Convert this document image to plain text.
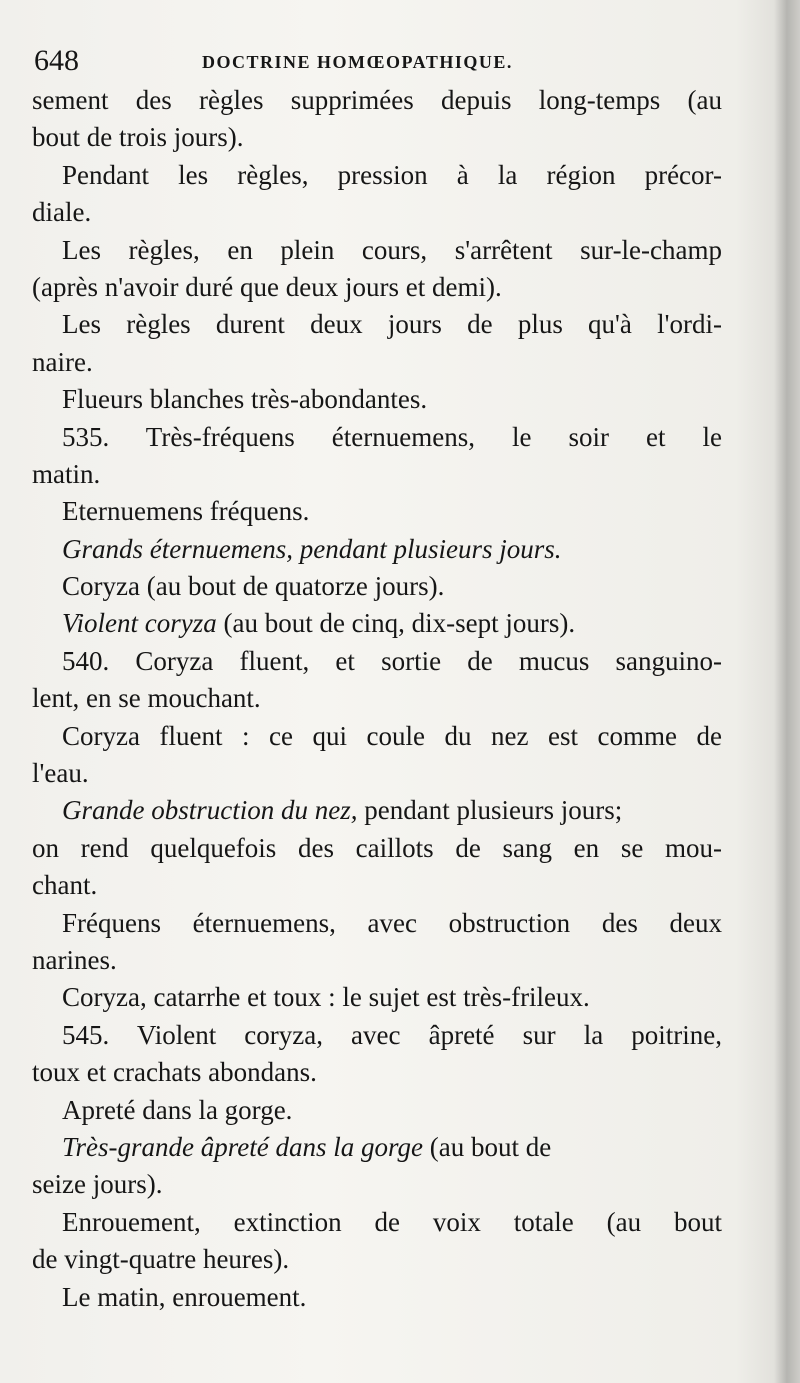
648	DOCTRINE HOMŒOPATHIQUE.
sement des règles supprimées depuis long-temps (au
bout de trois jours).
Pendant les règles, pression à la région précor-
diale.
Les règles, en plein cours, s'arrêtent sur-le-champ
(après n'avoir duré que deux jours et demi).
Les règles durent deux jours de plus qu'à l'ordi-
naire.
Flueurs blanches très-abondantes.
535. Très-fréquens éternuemens, le soir et le
matin.
Eternuemens fréquens.
Grands éternuemens, pendant plusieurs jours.
Coryza (au bout de quatorze jours).
Violent coryza (au bout de cinq, dix-sept jours).
540. Coryza fluent, et sortie de mucus sanguino-
lent, en se mouchant.
Coryza fluent : ce qui coule du nez est comme de
l'eau.
Grande obstruction du nez, pendant plusieurs jours;
on rend quelquefois des caillots de sang en se mou-
chant.
Fréquens éternuemens, avec obstruction des deux
narines.
Coryza, catarrhe et toux : le sujet est très-frileux.
545. Violent coryza, avec âpreté sur la poitrine,
toux et crachats abondans.
Apreté dans la gorge.
Très-grande âpreté dans la gorge (au bout de
seize jours).
Enrouement, extinction de voix totale (au bout
de vingt-quatre heures).
Le matin, enrouement.
